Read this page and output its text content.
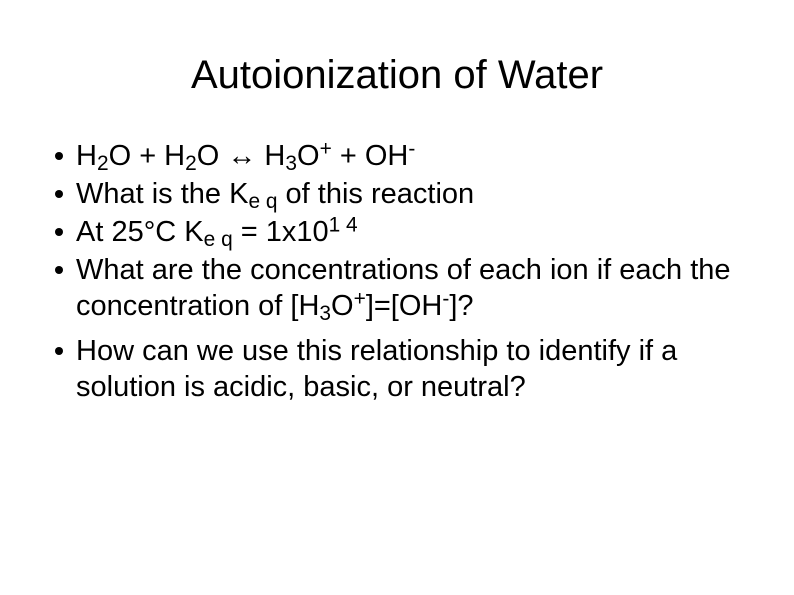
Autoionization of Water
$H_2O + H_2O$ ↔ $H_3O^+ + OH^-$
What is the $K_{e q}$ of this reaction
At 25°C $K_{e q} = 1x10^{1 4}$
What are the concentrations of each ion if each the concentration of $[H_3O^+]=[OH^-]$?
How can we use this relationship to identify if a solution is acidic, basic, or neutral?
